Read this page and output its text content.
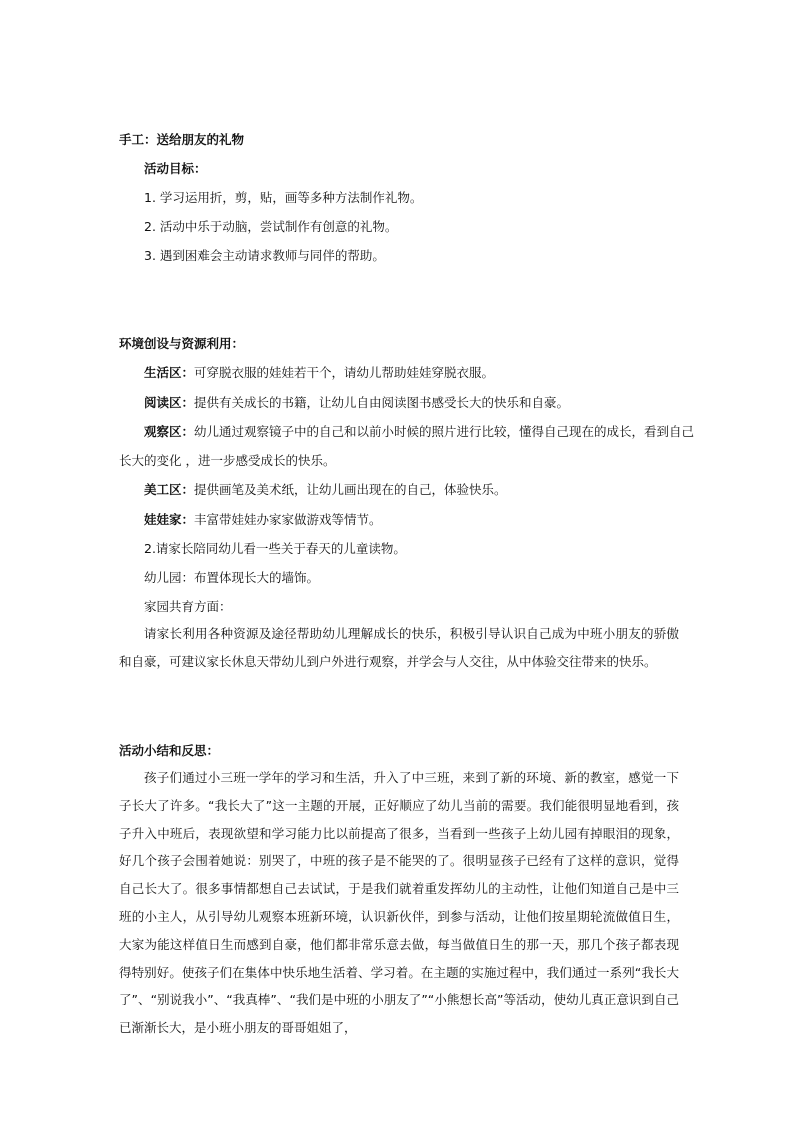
手工：送给朋友的礼物
活动目标：
1. 学习运用折，剪，贴，画等多种方法制作礼物。
2. 活动中乐于动脑，尝试制作有创意的礼物。
3. 遇到困难会主动请求教师与同伴的帮助。
环境创设与资源利用：
生活区：可穿脱衣服的娃娃若干个，请幼儿帮助娃娃穿脱衣服。
阅读区：提供有关成长的书籍，让幼儿自由阅读图书感受长大的快乐和自豪。
观察区：幼儿通过观察镜子中的自己和以前小时候的照片进行比较，懂得自己现在的成长，看到自己
长大的变化 ，进一步感受成长的快乐。
美工区：提供画笔及美术纸，让幼儿画出现在的自己，体验快乐。
娃娃家：丰富带娃娃办家家做游戏等情节。
2.请家长陪同幼儿看一些关于春天的儿童读物。
幼儿园：布置体现长大的墙饰。
家园共育方面：

请家长利用各种资源及途径帮助幼儿理解成长的快乐，积极引导认识自己成为中班小朋友的骄傲和自豪，可建议家长休息天带幼儿到户外进行观察，并学会与人交往，从中体验交往带来的快乐。

活动小结和反思：

孩子们通过小三班一学年的学习和生活，升入了中三班，来到了新的环境、新的教室，感觉一下子长大了许多。“我长大了”这一主题的开展，正好顺应了幼儿当前的需要。我们能很明显地看到，孩子升入中班后，表现欲望和学习能力比以前提高了很多，当看到一些孩子上幼儿园有掉眼泪的现象，好几个孩子会围着她说：别哭了，中班的孩子是不能哭的了。很明显孩子已经有了这样的意识，觉得自己长大了。很多事情都想自己去试试，于是我们就着重发挥幼儿的主动性，让他们知道自己是中三班的小主人，从引导幼儿观察本班新环境，认识新伙伴，到参与活动，让他们按星期轮流做值日生，大家为能这样值日生而感到自豪，他们都非常乐意去做，每当做值日生的那一天，那几个孩子都表现得特别好。使孩子们在集体中快乐地生活着、学习着。在主题的实施过程中，我们通过一系列“我长大了”、“别说我小”、“我真棒”、“我们是中班的小朋友了”“小熊想长高”等活动，使幼儿真正意识到自己已渐渐长大，是小班小朋友的哥哥姐姐了，
